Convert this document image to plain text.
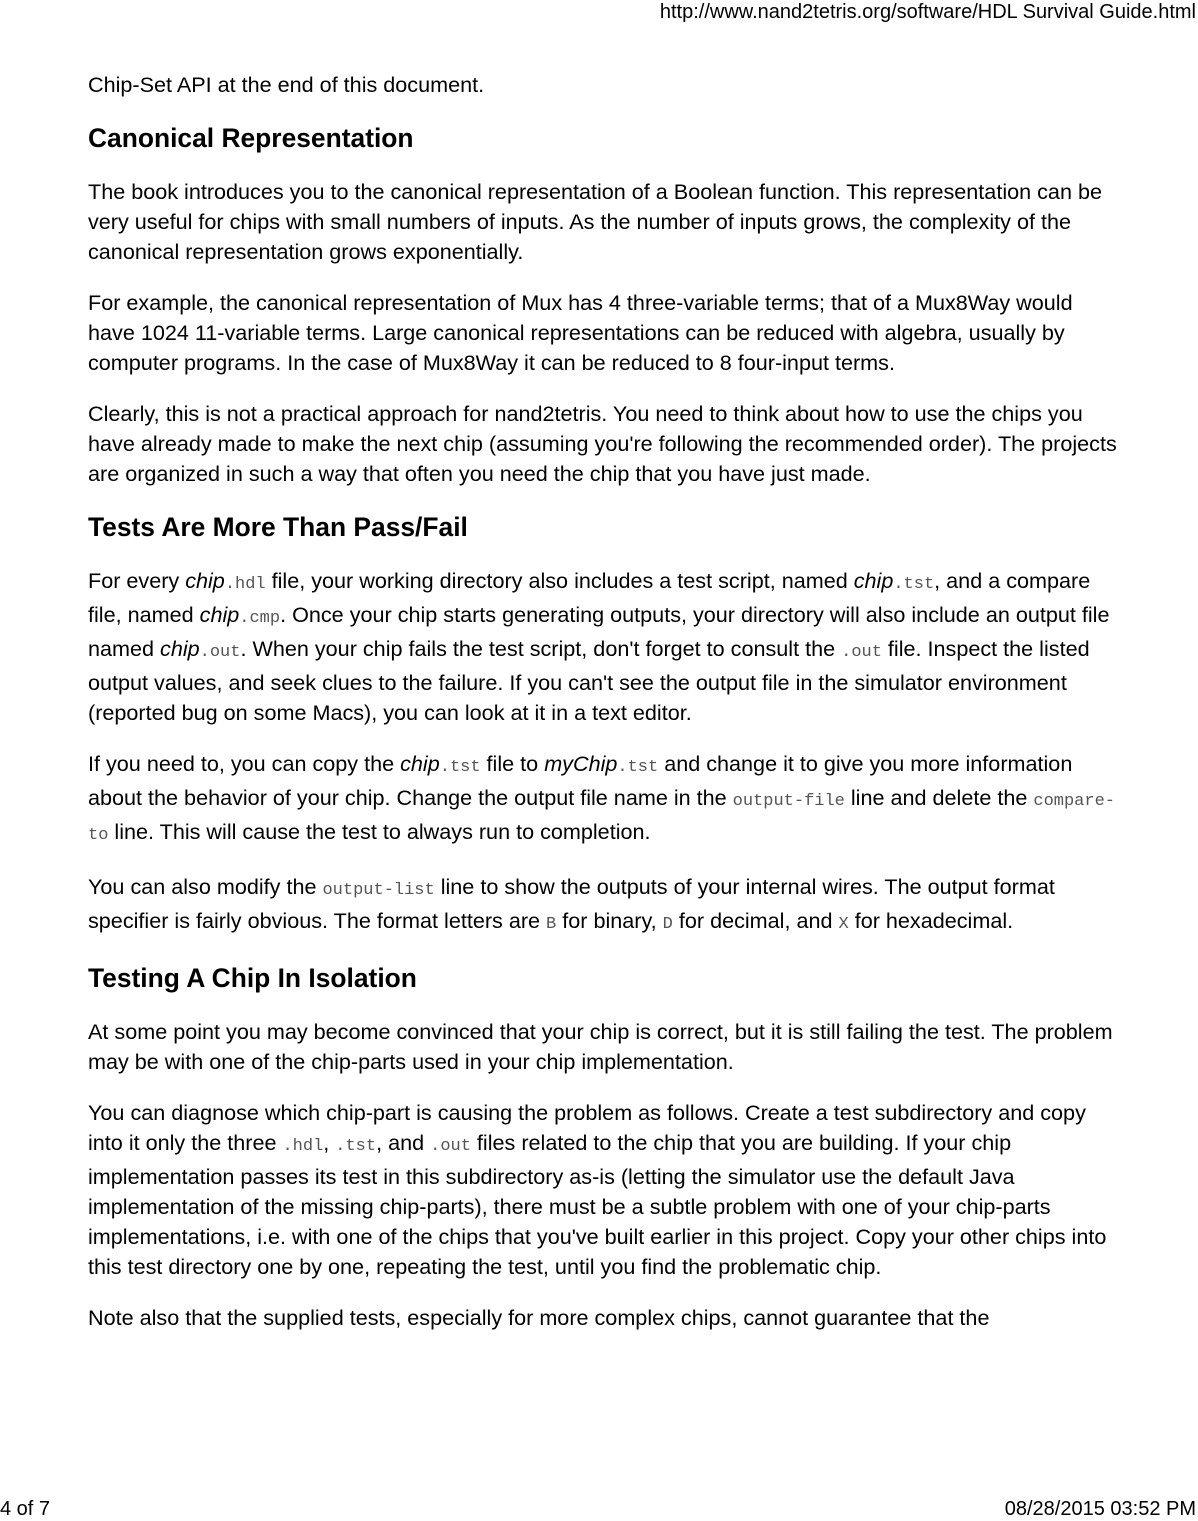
http://www.nand2tetris.org/software/HDL Survival Guide.html

Chip-Set API at the end of this document.

Canonical Representation

The book introduces you to the canonical representation of a Boolean function. This representation can be very useful for chips with small numbers of inputs. As the number of inputs grows, the complexity of the canonical representation grows exponentially.

For example, the canonical representation of Mux has 4 three-variable terms; that of a Mux8Way would have 1024 11-variable terms. Large canonical representations can be reduced with algebra, usually by computer programs. In the case of Mux8Way it can be reduced to 8 four-input terms.

Clearly, this is not a practical approach for nand2tetris. You need to think about how to use the chips you have already made to make the next chip (assuming you're following the recommended order). The projects are organized in such a way that often you need the chip that you have just made.

Tests Are More Than Pass/Fail

For every chip.hdl file, your working directory also includes a test script, named chip.tst, and a compare file, named chip.cmp. Once your chip starts generating outputs, your directory will also include an output file named chip.out. When your chip fails the test script, don't forget to consult the .out file. Inspect the listed output values, and seek clues to the failure. If you can't see the output file in the simulator environment (reported bug on some Macs), you can look at it in a text editor.

If you need to, you can copy the chip.tst file to myChip.tst and change it to give you more information about the behavior of your chip. Change the output file name in the output-file line and delete the compare-to line. This will cause the test to always run to completion.

You can also modify the output-list line to show the outputs of your internal wires. The output format specifier is fairly obvious. The format letters are B for binary, D for decimal, and X for hexadecimal.

Testing A Chip In Isolation

At some point you may become convinced that your chip is correct, but it is still failing the test. The problem may be with one of the chip-parts used in your chip implementation.

You can diagnose which chip-part is causing the problem as follows. Create a test subdirectory and copy into it only the three .hdl, .tst, and .out files related to the chip that you are building. If your chip implementation passes its test in this subdirectory as-is (letting the simulator use the default Java implementation of the missing chip-parts), there must be a subtle problem with one of your chip-parts implementations, i.e. with one of the chips that you've built earlier in this project. Copy your other chips into this test directory one by one, repeating the test, until you find the problematic chip.

Note also that the supplied tests, especially for more complex chips, cannot guarantee that the

4 of 7	08/28/2015 03:52 PM
